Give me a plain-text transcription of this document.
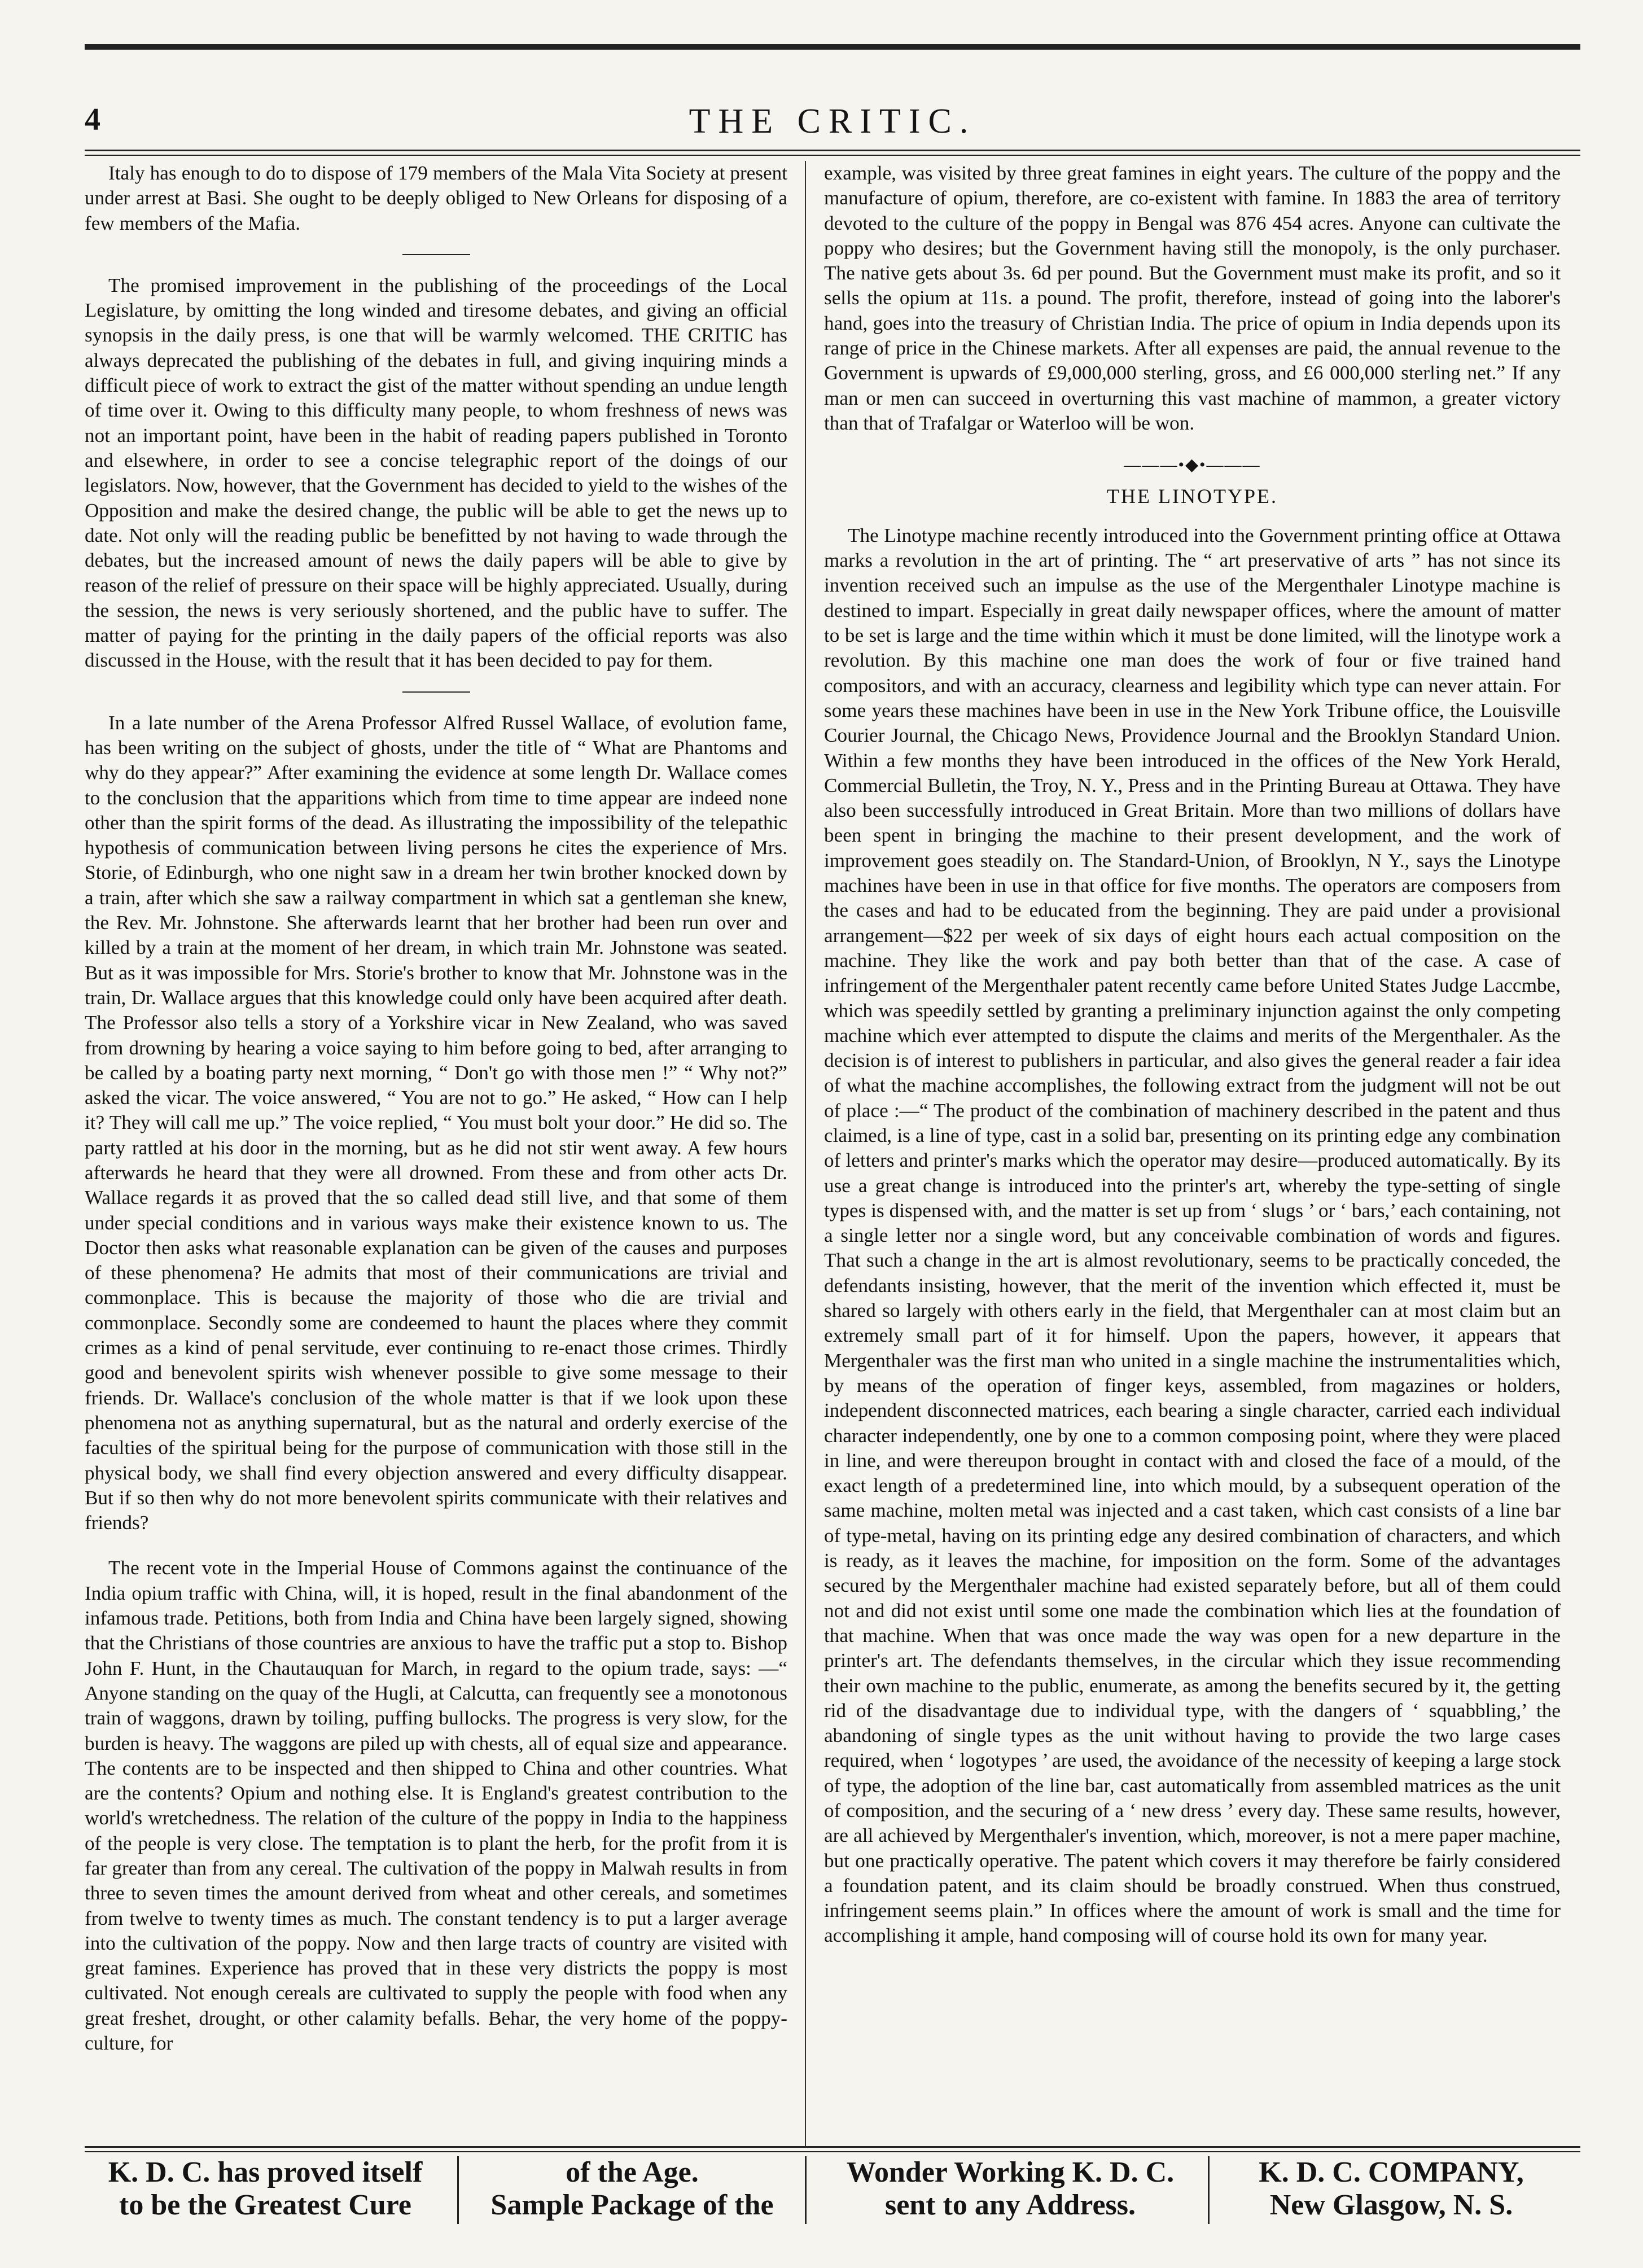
4	THE CRITIC.

Italy has enough to do to dispose of 179 members of the Mala Vita Society at present under arrest at Basi. She ought to be deeply obliged to New Orleans for disposing of a few members of the Mafia.

The promised improvement in the publishing of the proceedings of the Local Legislature, by omitting the long winded and tiresome debates, and giving an official synopsis in the daily press, is one that will be warmly welcomed. THE CRITIC has always deprecated the publishing of the debates in full, and giving inquiring minds a difficult piece of work to extract the gist of the matter without spending an undue length of time over it. Owing to this difficulty many people, to whom freshness of news was not an important point, have been in the habit of reading papers published in Toronto and elsewhere, in order to see a concise telegraphic report of the doings of our legislators. Now, however, that the Government has decided to yield to the wishes of the Opposition and make the desired change, the public will be able to get the news up to date. Not only will the reading public be benefitted by not having to wade through the debates, but the increased amount of news the daily papers will be able to give by reason of the relief of pressure on their space will be highly appreciated. Usually, during the session, the news is very seriously shortened, and the public have to suffer. The matter of paying for the printing in the daily papers of the official reports was also discussed in the House, with the result that it has been decided to pay for them.

In a late number of the Arena Professor Alfred Russel Wallace, of evolution fame, has been writing on the subject of ghosts, under the title of “ What are Phantoms and why do they appear?” After examining the evidence at some length Dr. Wallace comes to the conclusion that the apparitions which from time to time appear are indeed none other than the spirit forms of the dead. As illustrating the impossibility of the telepathic hypothesis of communication between living persons he cites the experience of Mrs. Storie, of Edinburgh, who one night saw in a dream her twin brother knocked down by a train, after which she saw a railway compartment in which sat a gentleman she knew, the Rev. Mr. Johnstone. She afterwards learnt that her brother had been run over and killed by a train at the moment of her dream, in which train Mr. Johnstone was seated. But as it was impossible for Mrs. Storie's brother to know that Mr. Johnstone was in the train, Dr. Wallace argues that this knowledge could only have been acquired after death. The Professor also tells a story of a Yorkshire vicar in New Zealand, who was saved from drowning by hearing a voice saying to him before going to bed, after arranging to be called by a boating party next morning, “ Don't go with those men !” “ Why not?” asked the vicar. The voice answered, “ You are not to go.” He asked, “ How can I help it? They will call me up.” The voice replied, “ You must bolt your door.” He did so. The party rattled at his door in the morning, but as he did not stir went away. A few hours afterwards he heard that they were all drowned. From these and from other acts Dr. Wallace regards it as proved that the so called dead still live, and that some of them under special conditions and in various ways make their existence known to us. The Doctor then asks what reasonable explanation can be given of the causes and purposes of these phenomena? He admits that most of their communications are trivial and commonplace. This is because the majority of those who die are trivial and commonplace. Secondly some are condeemed to haunt the places where they commit crimes as a kind of penal servitude, ever continuing to re-enact those crimes. Thirdly good and benevolent spirits wish whenever possible to give some message to their friends. Dr. Wallace's conclusion of the whole matter is that if we look upon these phenomena not as anything supernatural, but as the natural and orderly exercise of the faculties of the spiritual being for the purpose of communication with those still in the physical body, we shall find every objection answered and every difficulty disappear. But if so then why do not more benevolent spirits communicate with their relatives and friends?

The recent vote in the Imperial House of Commons against the continuance of the India opium traffic with China, will, it is hoped, result in the final abandonment of the infamous trade. Petitions, both from India and China have been largely signed, showing that the Christians of those countries are anxious to have the traffic put a stop to. Bishop John F. Hunt, in the Chautauquan for March, in regard to the opium trade, says: —“ Anyone standing on the quay of the Hugli, at Calcutta, can frequently see a monotonous train of waggons, drawn by toiling, puffing bullocks. The progress is very slow, for the burden is heavy. The waggons are piled up with chests, all of equal size and appearance. The contents are to be inspected and then shipped to China and other countries. What are the contents? Opium and nothing else. It is England's greatest contribution to the world's wretchedness. The relation of the culture of the poppy in India to the happiness of the people is very close. The temptation is to plant the herb, for the profit from it is far greater than from any cereal. The cultivation of the poppy in Malwah results in from three to seven times the amount derived from wheat and other cereals, and sometimes from twelve to twenty times as much. The constant tendency is to put a larger average into the cultivation of the poppy. Now and then large tracts of country are visited with great famines. Experience has proved that in these very districts the poppy is most cultivated. Not enough cereals are cultivated to supply the people with food when any great freshet, drought, or other calamity befalls. Behar, the very home of the poppy-culture, for

example, was visited by three great famines in eight years. The culture of the poppy and the manufacture of opium, therefore, are co-existent with famine. In 1883 the area of territory devoted to the culture of the poppy in Bengal was 876 454 acres. Anyone can cultivate the poppy who desires; but the Government having still the monopoly, is the only purchaser. The native gets about 3s. 6d per pound. But the Government must make its profit, and so it sells the opium at 11s. a pound. The profit, therefore, instead of going into the laborer's hand, goes into the treasury of Christian India. The price of opium in India depends upon its range of price in the Chinese markets. After all expenses are paid, the annual revenue to the Government is upwards of £9,000,000 sterling, gross, and £6 000,000 sterling net.” If any man or men can succeed in overturning this vast machine of mammon, a greater victory than that of Trafalgar or Waterloo will be won.

———•◆•———
THE LINOTYPE.

The Linotype machine recently introduced into the Government printing office at Ottawa marks a revolution in the art of printing. The “ art preservative of arts ” has not since its invention received such an impulse as the use of the Mergenthaler Linotype machine is destined to impart. Especially in great daily newspaper offices, where the amount of matter to be set is large and the time within which it must be done limited, will the linotype work a revolution. By this machine one man does the work of four or five trained hand compositors, and with an accuracy, clearness and legibility which type can never attain. For some years these machines have been in use in the New York Tribune office, the Louisville Courier Journal, the Chicago News, Providence Journal and the Brooklyn Standard Union. Within a few months they have been introduced in the offices of the New York Herald, Commercial Bulletin, the Troy, N. Y., Press and in the Printing Bureau at Ottawa. They have also been successfully introduced in Great Britain. More than two millions of dollars have been spent in bringing the machine to their present development, and the work of improvement goes steadily on. The Standard-Union, of Brooklyn, N Y., says the Linotype machines have been in use in that office for five months. The operators are composers from the cases and had to be educated from the beginning. They are paid under a provisional arrangement—$22 per week of six days of eight hours each actual composition on the machine. They like the work and pay both better than that of the case. A case of infringement of the Mergenthaler patent recently came before United States Judge Laccmbe, which was speedily settled by granting a preliminary injunction against the only competing machine which ever attempted to dispute the claims and merits of the Mergenthaler. As the decision is of interest to publishers in particular, and also gives the general reader a fair idea of what the machine accomplishes, the following extract from the judgment will not be out of place :—“ The product of the combination of machinery described in the patent and thus claimed, is a line of type, cast in a solid bar, presenting on its printing edge any combination of letters and printer's marks which the operator may desire—produced automatically. By its use a great change is introduced into the printer's art, whereby the type-setting of single types is dispensed with, and the matter is set up from ‘ slugs ’ or ‘ bars,’ each containing, not a single letter nor a single word, but any conceivable combination of words and figures. That such a change in the art is almost revolutionary, seems to be practically conceded, the defendants insisting, however, that the merit of the invention which effected it, must be shared so largely with others early in the field, that Mergenthaler can at most claim but an extremely small part of it for himself. Upon the papers, however, it appears that Mergenthaler was the first man who united in a single machine the instrumentalities which, by means of the operation of finger keys, assembled, from magazines or holders, independent disconnected matrices, each bearing a single character, carried each individual character independently, one by one to a common composing point, where they were placed in line, and were thereupon brought in contact with and closed the face of a mould, of the exact length of a predetermined line, into which mould, by a subsequent operation of the same machine, molten metal was injected and a cast taken, which cast consists of a line bar of type-metal, having on its printing edge any desired combination of characters, and which is ready, as it leaves the machine, for imposition on the form. Some of the advantages secured by the Mergenthaler machine had existed separately before, but all of them could not and did not exist until some one made the combination which lies at the foundation of that machine. When that was once made the way was open for a new departure in the printer's art. The defendants themselves, in the circular which they issue recommending their own machine to the public, enumerate, as among the benefits secured by it, the getting rid of the disadvantage due to individual type, with the dangers of ‘ squabbling,’ the abandoning of single types as the unit without having to provide the two large cases required, when ‘ logotypes ’ are used, the avoidance of the necessity of keeping a large stock of type, the adoption of the line bar, cast automatically from assembled matrices as the unit of composition, and the securing of a ‘ new dress ’ every day. These same results, however, are all achieved by Mergenthaler's invention, which, moreover, is not a mere paper machine, but one practically operative. The patent which covers it may therefore be fairly considered a foundation patent, and its claim should be broadly construed. When thus construed, infringement seems plain.” In offices where the amount of work is small and the time for accomplishing it ample, hand composing will of course hold its own for many year.

K. D. C. has proved itself
to be the Greatest Cure
of the Age.
Sample Package of the
Wonder Working K. D. C.
sent to any Address.
K. D. C. COMPANY,
New Glasgow, N. S.
